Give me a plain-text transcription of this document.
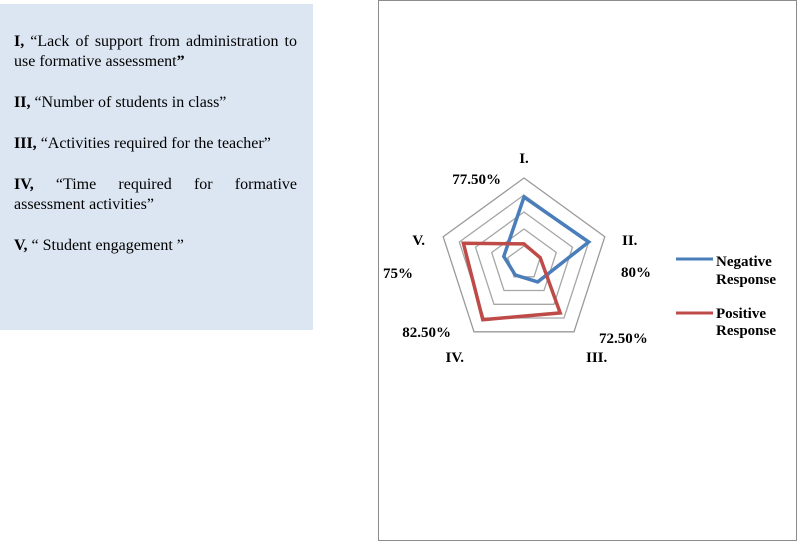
I, “Lack of support from administration to use formative assessment”
II, “Number of students in class”
III, “Activities required for the teacher”
IV, “Time required for formative assessment activities”
V, “ Student engagement ”
I.
II.
III.
IV.
V.
77.50%
80%
72.50%
82.50%
75%
Negative
Response
Positive
Response
